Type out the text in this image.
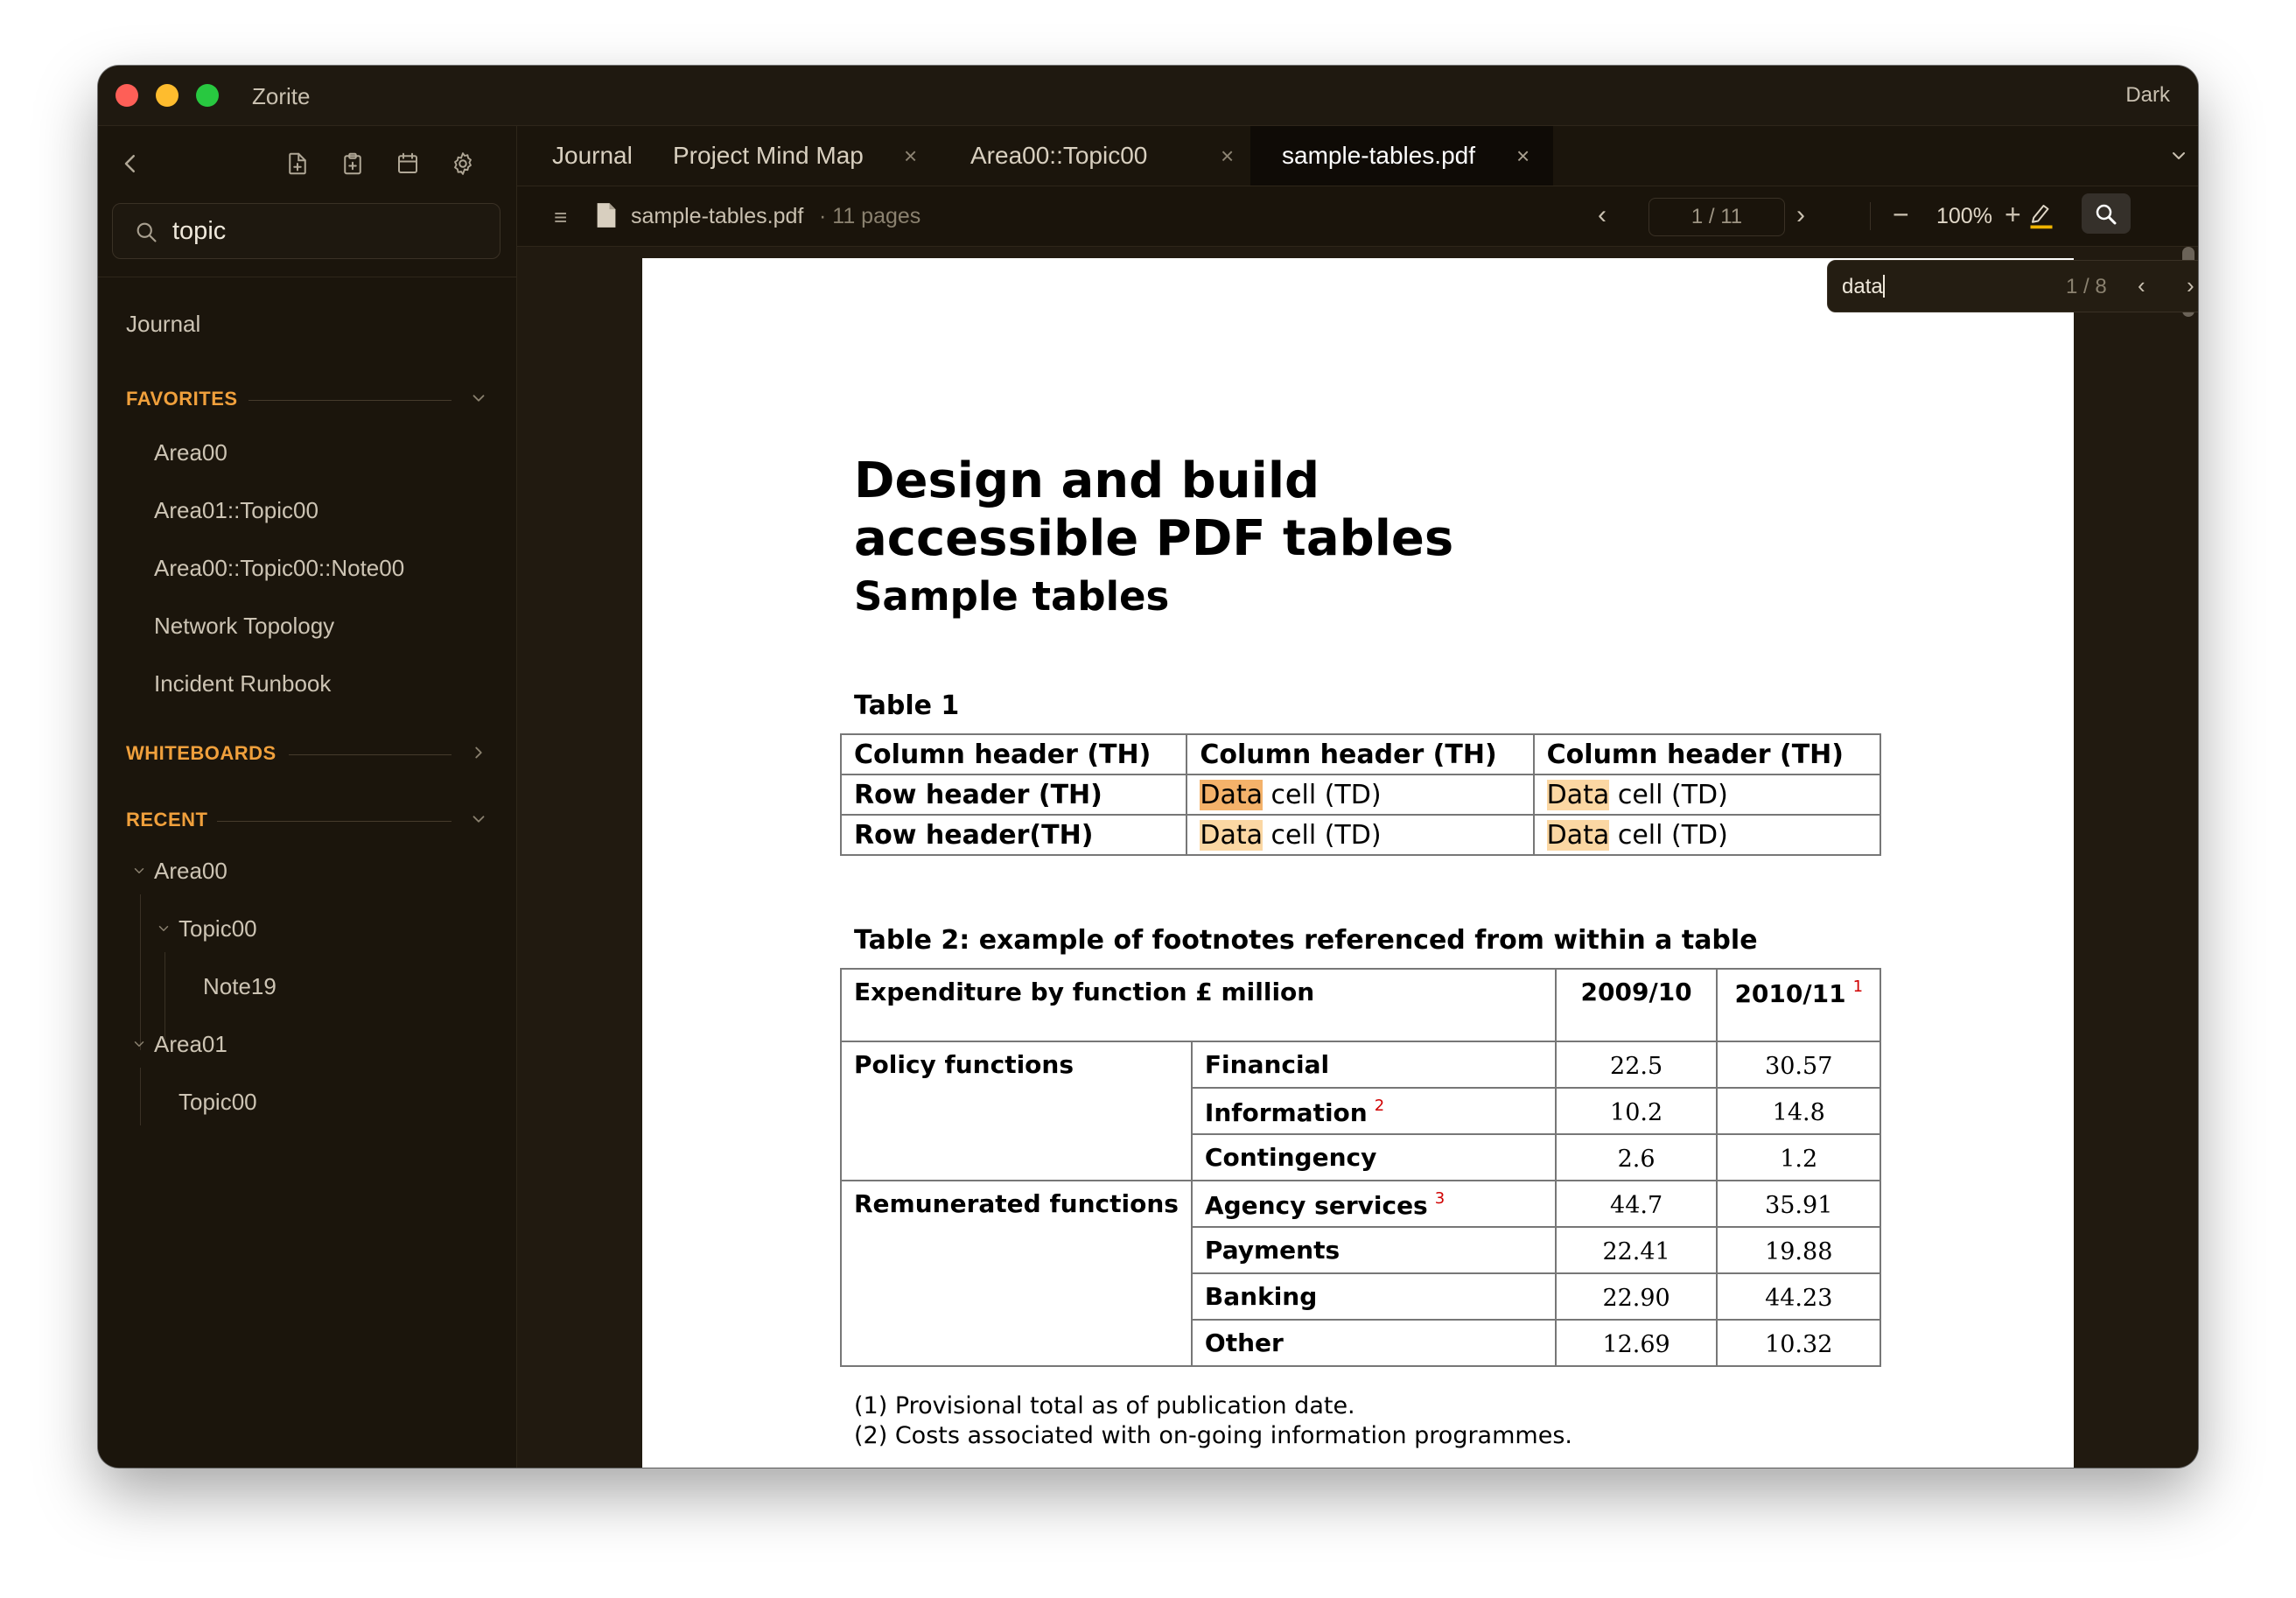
Zorite	Dark
topic
Journal
FAVORITES
Area00
Area01::Topic00
Area00::Topic00::Note00
Network Topology
Incident Runbook
WHITEBOARDS
RECENT
Area00
Topic00
Note19
Area01
Topic00
Journal Project Mind Map × Area00::Topic00	× sample-tables.pdf ×
≡	sample-tables.pdf · 11 pages	‹	1 / 11	›	− 100% +
data	1 / 8 ‹ ›
Design and build
accessible PDF tables
Sample tables
Table 1
Column header (TH)	Column header (TH)	Column header (TH)
Row header (TH)	Data cell (TD)	Data cell (TD)
Row header(TH)	Data cell (TD)	Data cell (TD)
Table 2: example of footnotes referenced from within a table
Expenditure by function £ million		2009/10	2010/11 $^1$
Policy functions	Financial	22.5	30.57
	Information $^2$	10.2	14.8
	Contingency	2.6	1.2
Remunerated functions	Agency services $^3$	44.7	35.91
	Payments	22.41	19.88
	Banking	22.90	44.23
	Other	12.69	10.32
(1) Provisional total as of publication date.
(2) Costs associated with on-going information programmes.
